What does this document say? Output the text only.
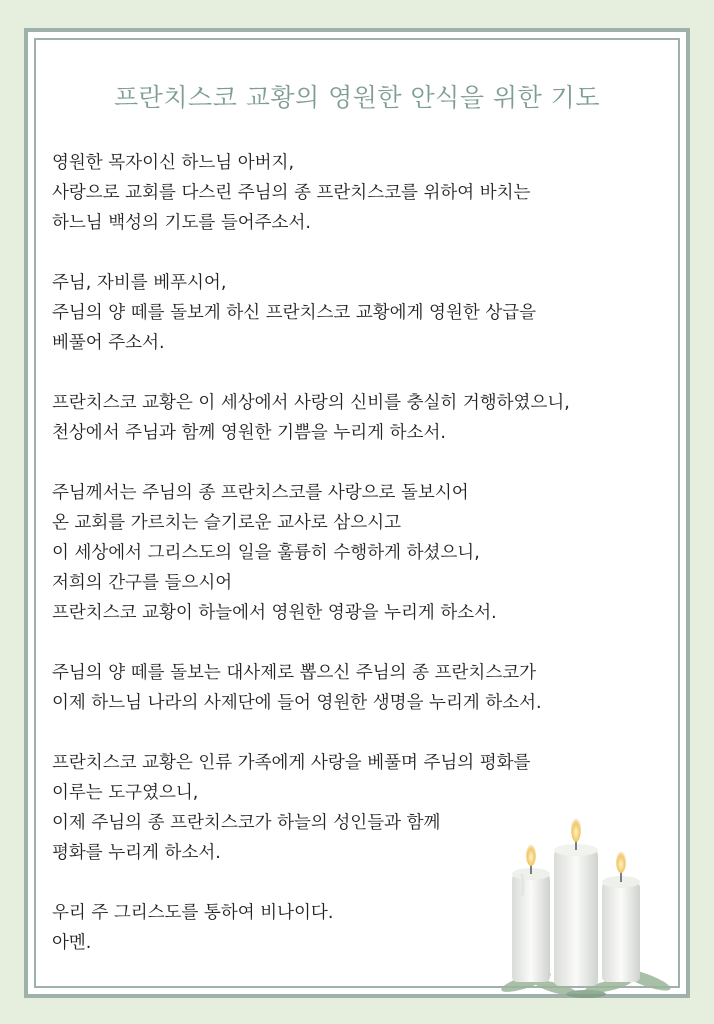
프란치스코 교황의 영원한 안식을 위한 기도
영원한 목자이신 하느님 아버지,
사랑으로 교회를 다스린 주님의 종 프란치스코를 위하여 바치는
하느님 백성의 기도를 들어주소서.
주님, 자비를 베푸시어,
주님의 양 떼를 돌보게 하신 프란치스코 교황에게 영원한 상급을
베풀어 주소서.
프란치스코 교황은 이 세상에서 사랑의 신비를 충실히 거행하였으니,
천상에서 주님과 함께 영원한 기쁨을 누리게 하소서.
주님께서는 주님의 종 프란치스코를 사랑으로 돌보시어
온 교회를 가르치는 슬기로운 교사로 삼으시고
이 세상에서 그리스도의 일을 훌륭히 수행하게 하셨으니,
저희의 간구를 들으시어
프란치스코 교황이 하늘에서 영원한 영광을 누리게 하소서.
주님의 양 떼를 돌보는 대사제로 뽑으신 주님의 종 프란치스코가
이제 하느님 나라의 사제단에 들어 영원한 생명을 누리게 하소서.
프란치스코 교황은 인류 가족에게 사랑을 베풀며 주님의 평화를
이루는 도구였으니,
이제 주님의 종 프란치스코가 하늘의 성인들과 함께
평화를 누리게 하소서.
우리 주 그리스도를 통하여 비나이다.
아멘.
